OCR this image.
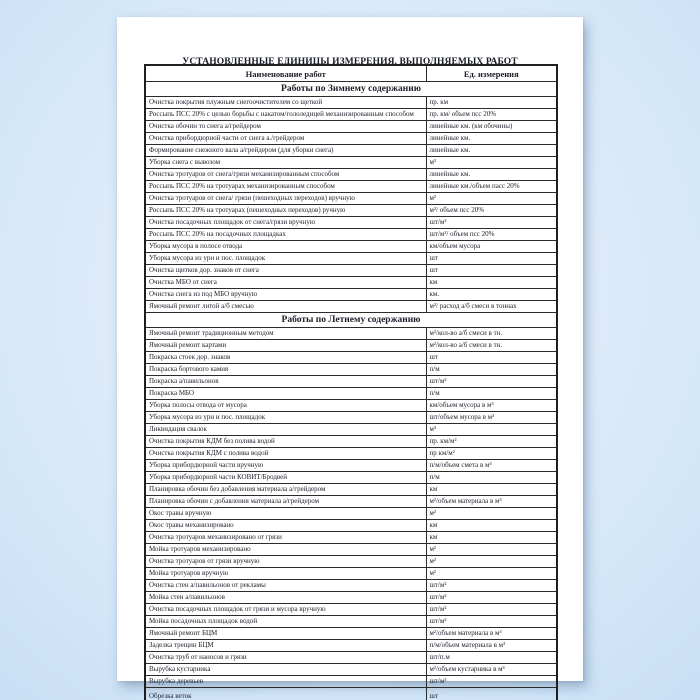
УСТАНОВЛЕННЫЕ ЕДИНИЦЫ ИЗМЕРЕНИЯ, ВЫПОЛНЯЕМЫХ РАБОТ
Наименование работ	Ед. измерения
Работы по Зимнему содержанию	
Очистка покрытия плужным снегоочистителем со щеткой	пр. км
Россыпь ПСС 20% с целью борьбы с накатом/гололедицей механизированным способом	пр. км/ объем псс 20%
Очистка обочин то снега а/грейдером	линейные км. (км обочины)
Очистка прибордюрной части от снега а./грейдером	линейные км.
Формирование снежного вала а/грейдером (для уборки снега)	линейные км.
Уборка снега с вывозом	м³
Очистка тротуаров от снега/грязи механизированным способом	линейные км.
Россыпь ПСС 20% на тротуарах механизированным способом	линейные км./объем пасс 20%
Очистка тротуаров от снега/ грязи (пешеходных переходов) вручную	м²
Россыпь ПСС 20% на тротуарах (пешеходных переходов) ручную	м²/ объем псс 20%
Очистка посадочных площадок от снега/грязи вручную	шт/м²
Россыпь ПСС 20% на посадочных площадках	шт/м²/ объем псс 20%
Уборка мусора в полосе отвода	км/объем мусора
Уборка мусора из урн и пос. площадок	шт
Очистка щитков дор. знаков от снега	шт
Очистка МБО от снега	км
Очистка снега из под МБО вручную	км.
Ямочный ремонт литой а/б смесью	м²/ расход а/б смеси в тоннах
Работы по Летнему содержанию	
Ямочный ремонт традиционным методом	м²/кол-во а/б смеси в тн.
Ямочный ремонт картами	м²/кол-во а/б смеси в тн.
Покраска стоек дор. знаков	шт
Покраска бортового камня	п/м
Покраска а/павильонов	шт/м²
Покраска МБО	п/м
Уборка полосы отвода от мусора	км/объем мусора в м³
Уборка мусора из урн и пос. площадок	шт/объем мусора в м³
Ликвидация свалок	м³
Очистка покрытия КДМ без полива водой	пр. км/м²
Очистка покрытия КДМ с полива водой	пр км/м²
Уборка прибордюрной части вручную	п/м/объем смета в м³
Уборка прибордюрной части КОВИТ/Бродвей	п/м
Планировка обочин без добавления материала а/грейдером	км
Планировка обочин с добавления материала а/грейдером	м²/объем материала в м³
Окос травы вручную	м²
Окос травы механизировано	км
Очистка тротуаров механизировано от грязи	км
Мойка тротуаров механизировано	м²
Очистка тротуаров от грязи вручную	м²
Мойка тротуаров вручную	м²
Очистка стен а/павильонов от рекламы	шт/м²
Мойка стен а/павильонов	шт/м²
Очистка посадочных площадок от грязи и мусора вручную	шт/м²
Мойка посадочных площадок водой	шт/м²
Ямочный ремонт БЦМ	м²/объем материала в м³
Заделка трещин БЦМ	п/м/объем материала в м³
Очистка труб от наносов и грязи	шт/п.м
Вырубка кустарника	м²/объем кустарника в м³
Вырубка деревьев	шт/м³
Обрезка веток	шт
